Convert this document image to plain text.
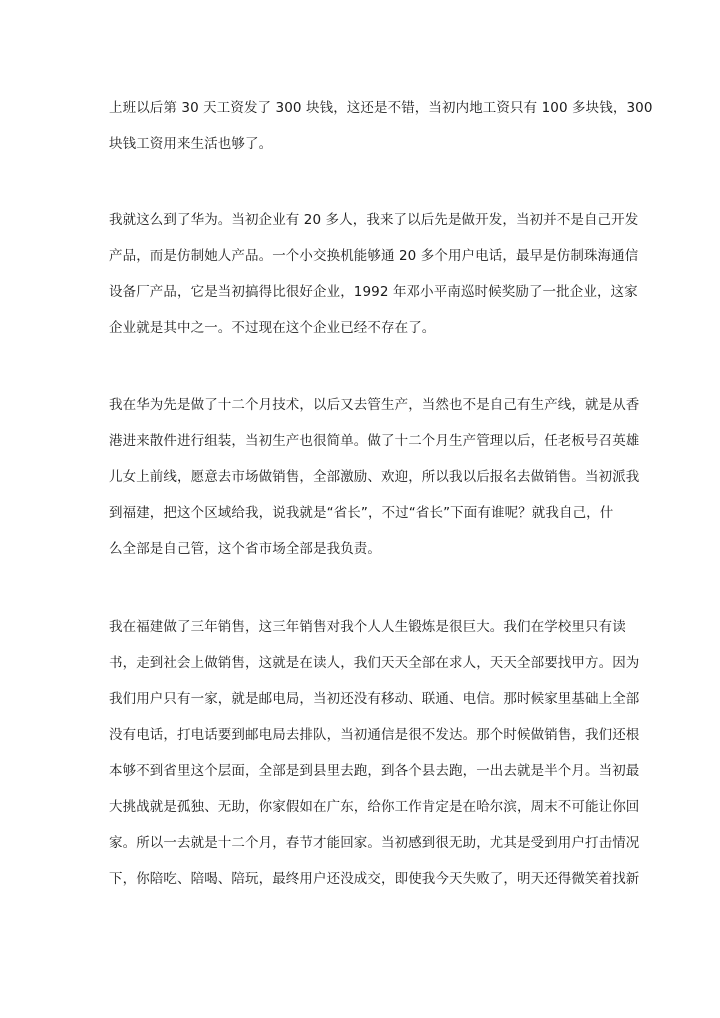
上班以后第 30 天工资发了 300 块钱，这还是不错，当初内地工资只有 100 多块钱，300
块钱工资用来生活也够了。
我就这么到了华为。当初企业有 20 多人，我来了以后先是做开发，当初并不是自己开发
产品，而是仿制她人产品。一个小交换机能够通 20 多个用户电话，最早是仿制珠海通信
设备厂产品，它是当初搞得比很好企业，1992 年邓小平南巡时候奖励了一批企业，这家
企业就是其中之一。不过现在这个企业已经不存在了。
我在华为先是做了十二个月技术，以后又去管生产，当然也不是自己有生产线，就是从香
港进来散件进行组装，当初生产也很简单。做了十二个月生产管理以后，任老板号召英雄
儿女上前线，愿意去市场做销售，全部激励、欢迎，所以我以后报名去做销售。当初派我
到福建，把这个区域给我，说我就是“省长”，不过“省长”下面有谁呢？就我自己，什
么全部是自己管，这个省市场全部是我负责。
我在福建做了三年销售，这三年销售对我个人人生锻炼是很巨大。我们在学校里只有读
书，走到社会上做销售，这就是在读人，我们天天全部在求人，天天全部要找甲方。因为
我们用户只有一家，就是邮电局，当初还没有移动、联通、电信。那时候家里基础上全部
没有电话，打电话要到邮电局去排队，当初通信是很不发达。那个时候做销售，我们还根
本够不到省里这个层面，全部是到县里去跑，到各个县去跑，一出去就是半个月。当初最
大挑战就是孤独、无助，你家假如在广东，给你工作肯定是在哈尔滨，周末不可能让你回
家。所以一去就是十二个月，春节才能回家。当初感到很无助，尤其是受到用户打击情况
下，你陪吃、陪喝、陪玩，最终用户还没成交，即使我今天失败了，明天还得微笑着找新
